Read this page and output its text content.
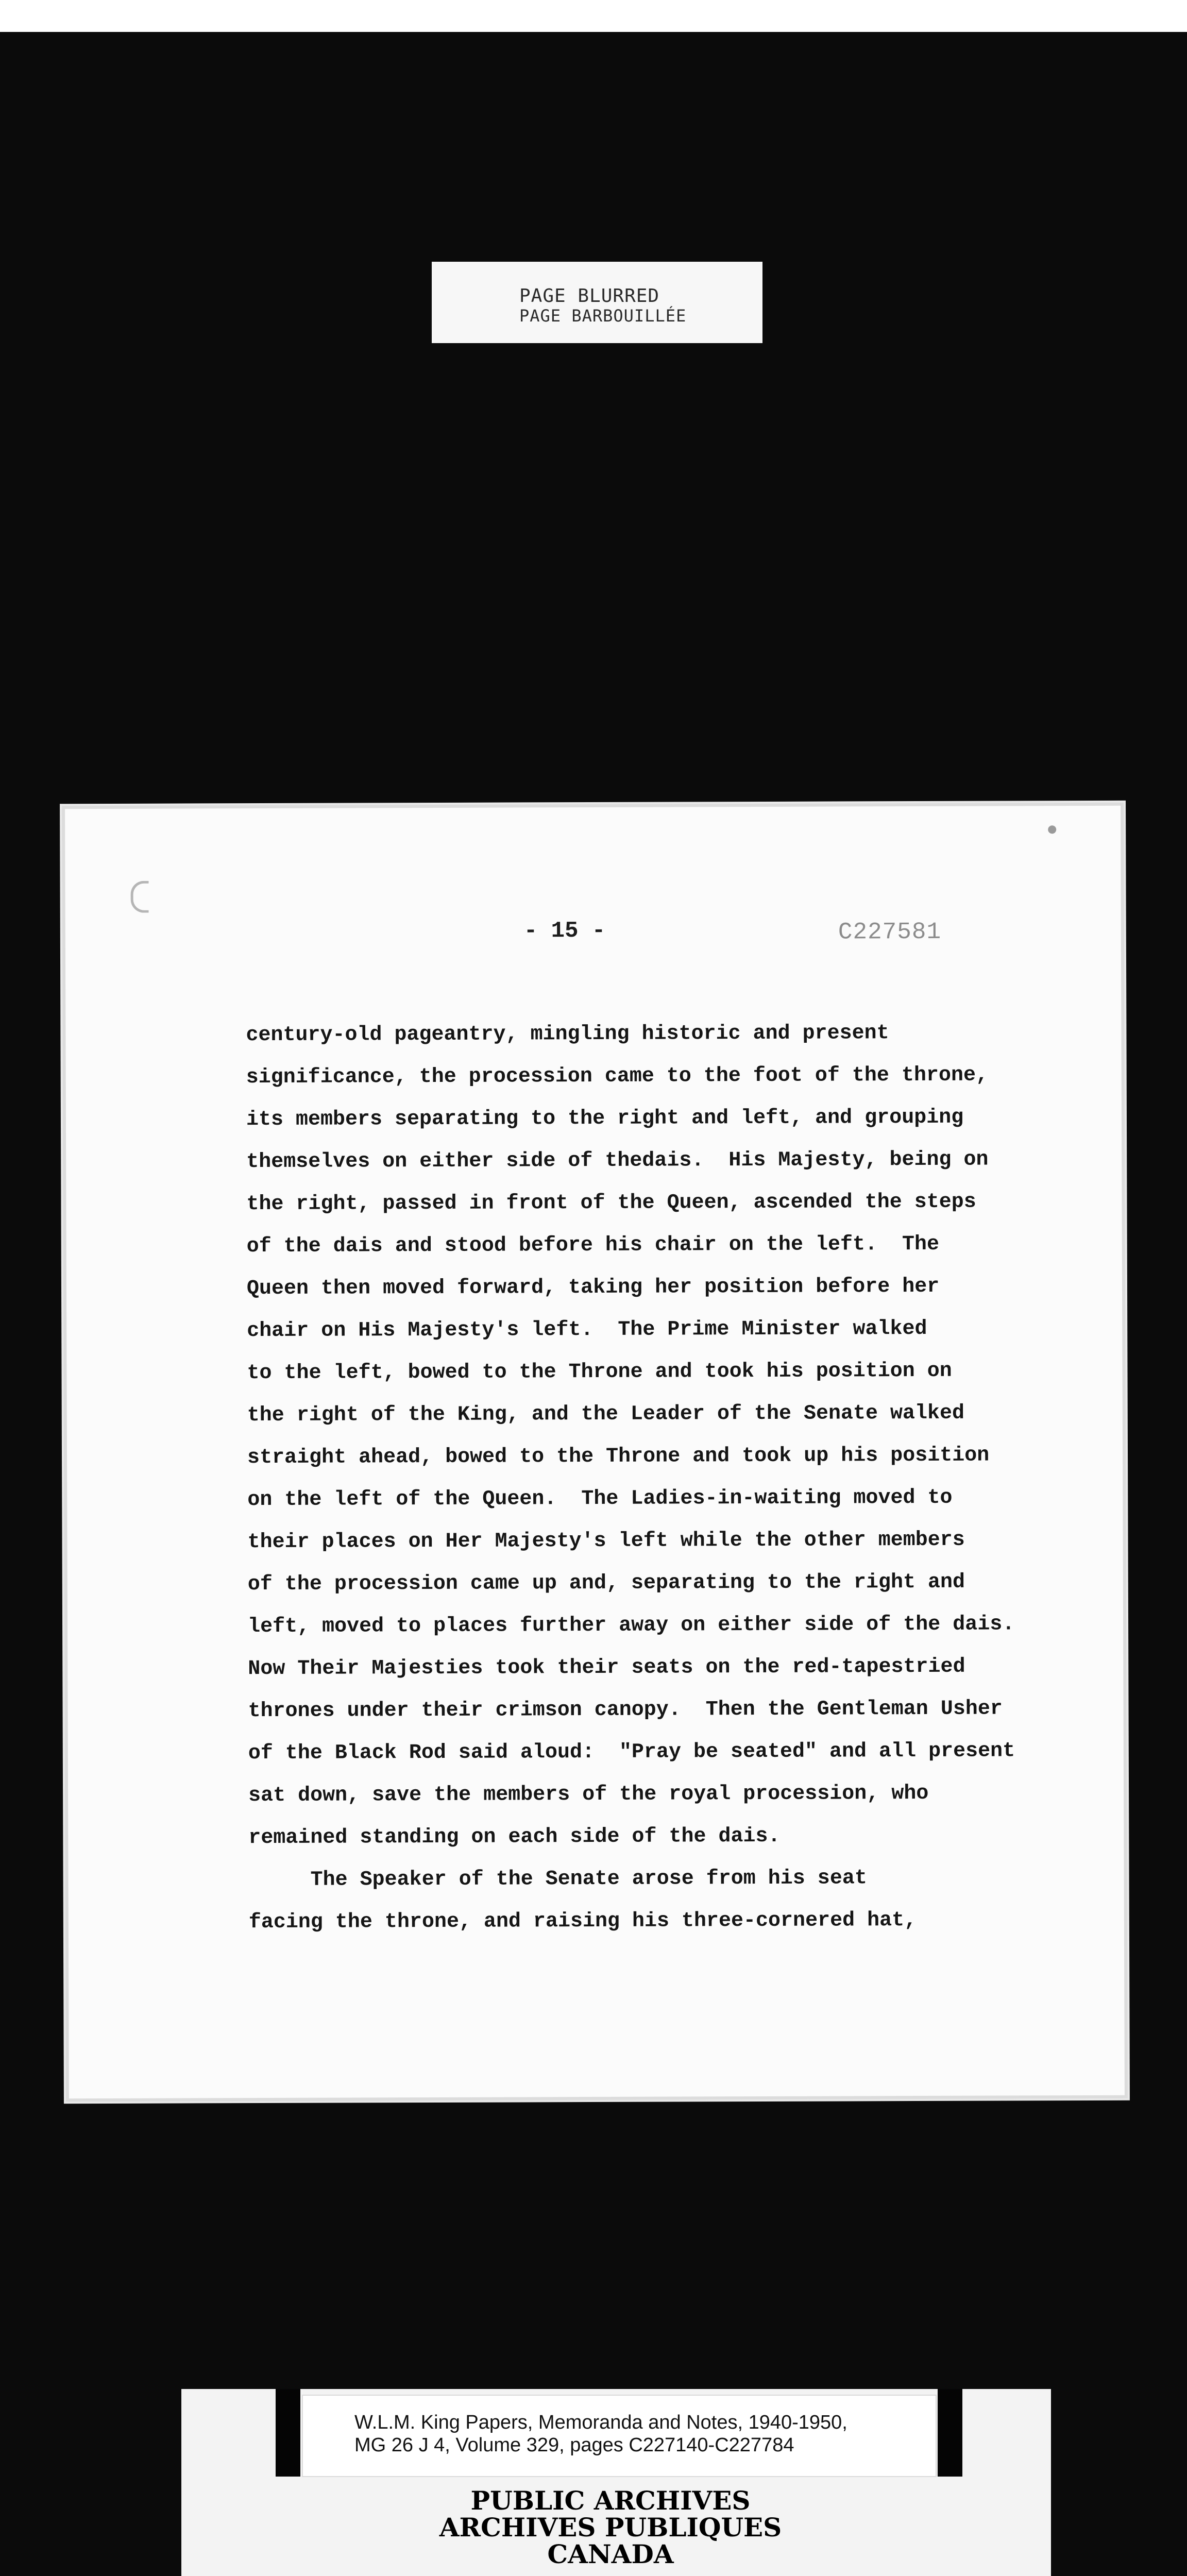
PAGE BLURRED
PAGE BARBOUILLÉE
- 15 -	C227581
century-old pageantry, mingling historic and present
significance, the procession came to the foot of the throne,
its members separating to the right and left, and grouping
themselves on either side of thedais.  His Majesty, being on
the right, passed in front of the Queen, ascended the steps
of the dais and stood before his chair on the left.  The
Queen then moved forward, taking her position before her
chair on His Majesty's left.  The Prime Minister walked
to the left, bowed to the Throne and took his position on
the right of the King, and the Leader of the Senate walked
straight ahead, bowed to the Throne and took up his position
on the left of the Queen.  The Ladies-in-waiting moved to
their places on Her Majesty's left while the other members
of the procession came up and, separating to the right and
left, moved to places further away on either side of the dais.
Now Their Majesties took their seats on the red-tapestried
thrones under their crimson canopy.  Then the Gentleman Usher
of the Black Rod said aloud:  "Pray be seated" and all present
sat down, save the members of the royal procession, who
remained standing on each side of the dais.
The Speaker of the Senate arose from his seat
facing the throne, and raising his three-cornered hat,
W.L.M. King Papers, Memoranda and Notes, 1940-1950,
MG 26 J 4, Volume 329, pages C227140-C227784
PUBLIC ARCHIVES
ARCHIVES PUBLIQUES
CANADA
